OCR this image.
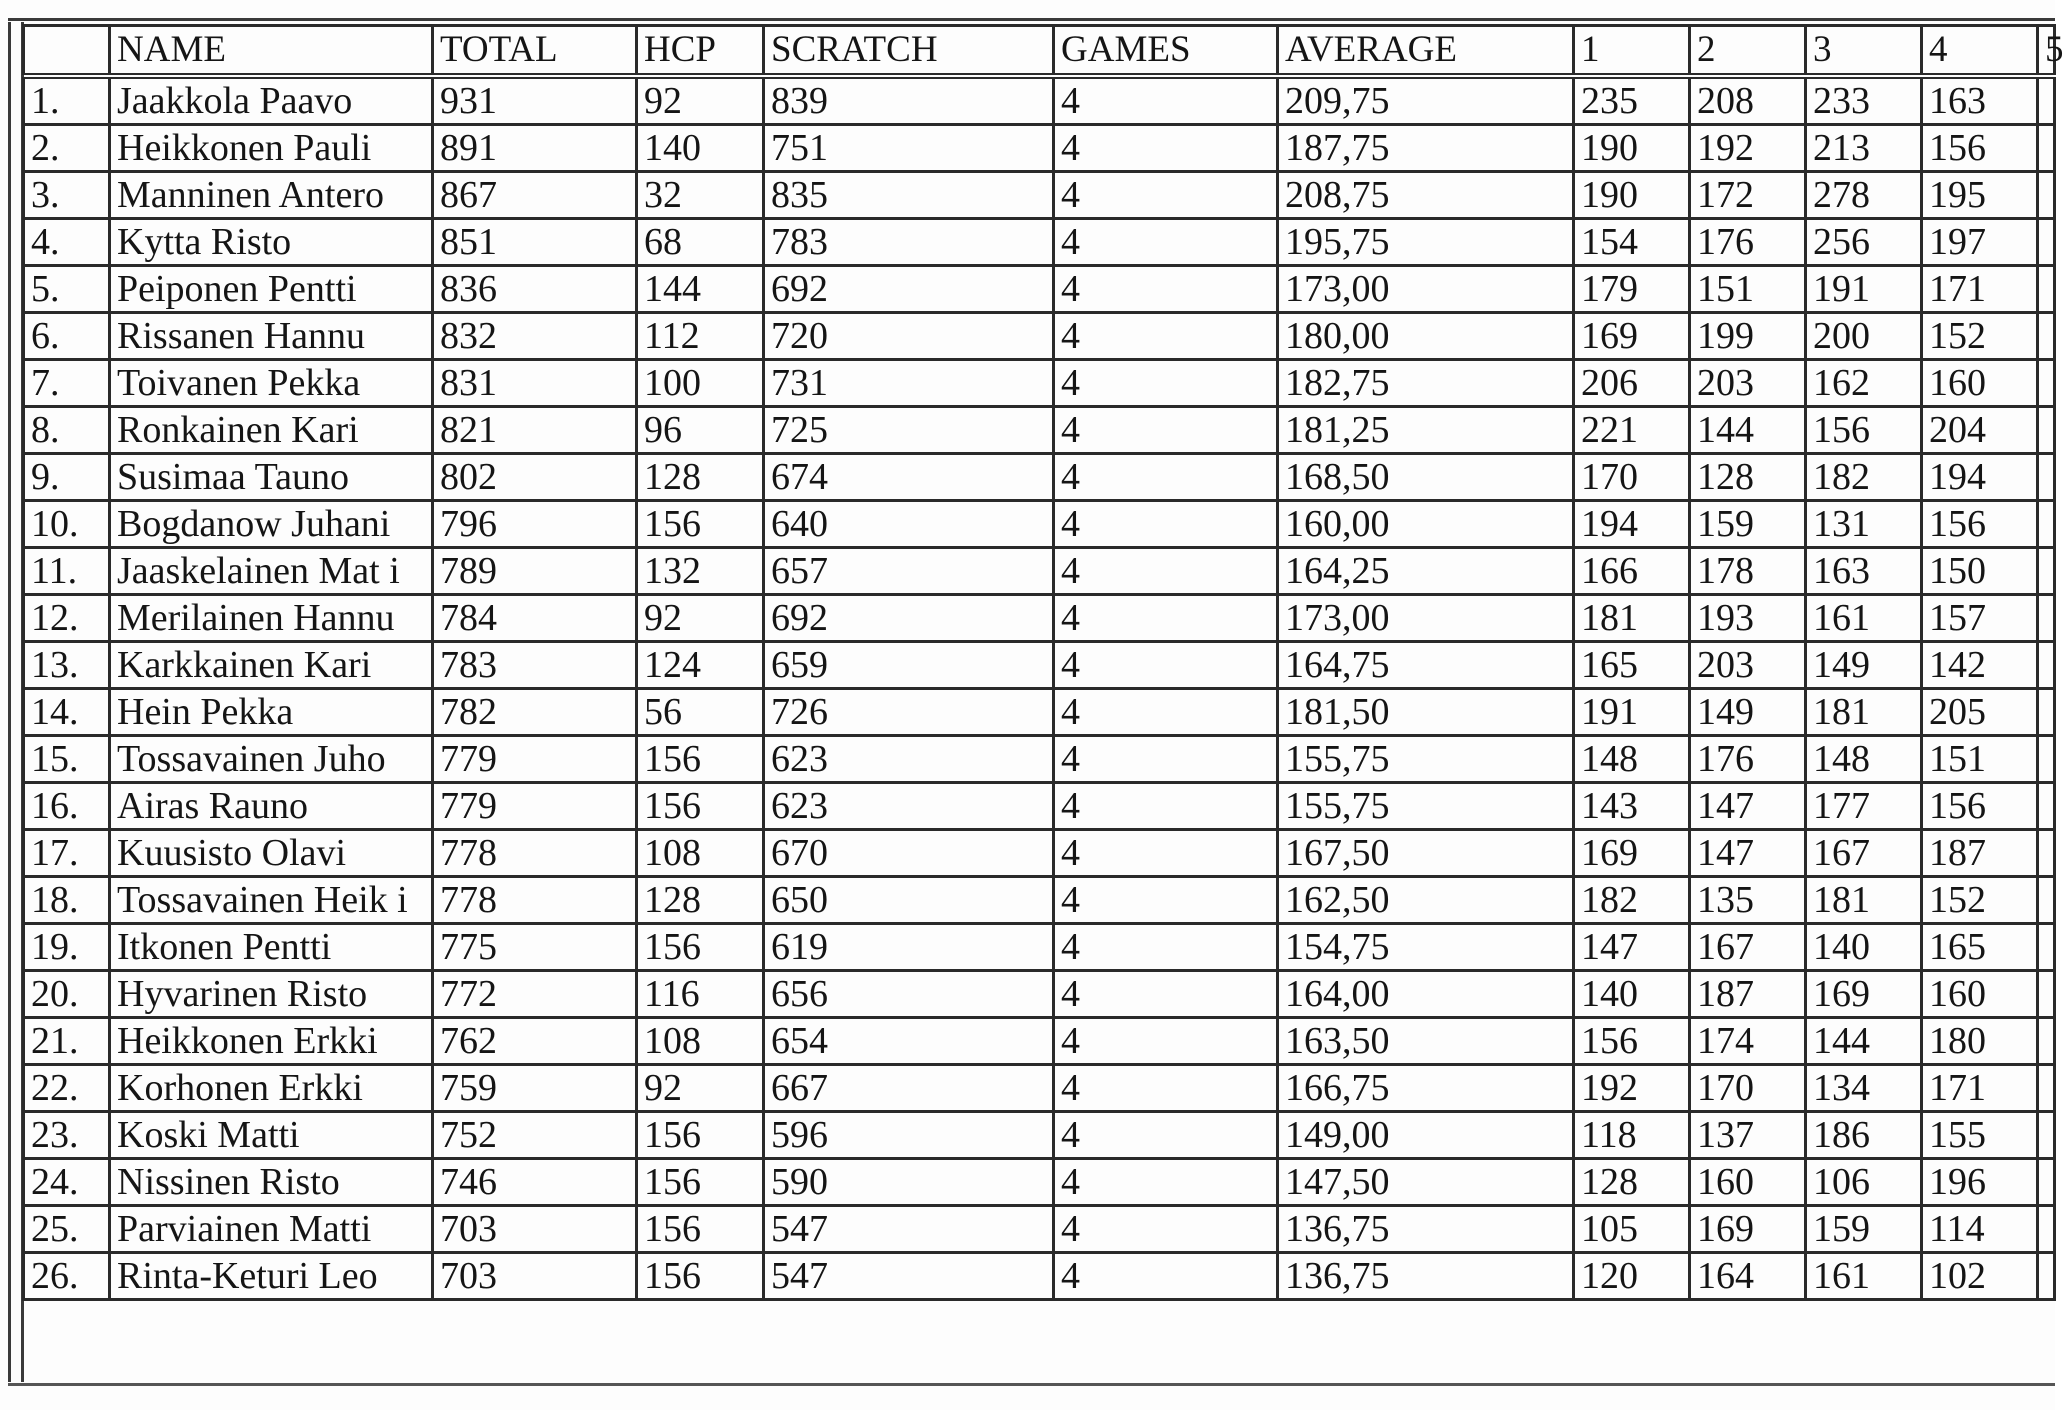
	NAME	TOTAL	HCP	SCRATCH	GAMES	AVERAGE	1	2	3	4	5
1.	Jaakkola Paavo	931	92	839	4	209,75	235	208	233	163	
2.	Heikkonen Pauli	891	140	751	4	187,75	190	192	213	156	
3.	Manninen Antero	867	32	835	4	208,75	190	172	278	195	
4.	Kytta Risto	851	68	783	4	195,75	154	176	256	197	
5.	Peiponen Pentti	836	144	692	4	173,00	179	151	191	171	
6.	Rissanen Hannu	832	112	720	4	180,00	169	199	200	152	
7.	Toivanen Pekka	831	100	731	4	182,75	206	203	162	160	
8.	Ronkainen Kari	821	96	725	4	181,25	221	144	156	204	
9.	Susimaa Tauno	802	128	674	4	168,50	170	128	182	194	
10.	Bogdanow Juhani	796	156	640	4	160,00	194	159	131	156	
11.	Jaaskelainen Mat i	789	132	657	4	164,25	166	178	163	150	
12.	Merilainen Hannu	784	92	692	4	173,00	181	193	161	157	
13.	Karkkainen Kari	783	124	659	4	164,75	165	203	149	142	
14.	Hein Pekka	782	56	726	4	181,50	191	149	181	205	
15.	Tossavainen Juho	779	156	623	4	155,75	148	176	148	151	
16.	Airas Rauno	779	156	623	4	155,75	143	147	177	156	
17.	Kuusisto Olavi	778	108	670	4	167,50	169	147	167	187	
18.	Tossavainen Heik i	778	128	650	4	162,50	182	135	181	152	
19.	Itkonen Pentti	775	156	619	4	154,75	147	167	140	165	
20.	Hyvarinen Risto	772	116	656	4	164,00	140	187	169	160	
21.	Heikkonen Erkki	762	108	654	4	163,50	156	174	144	180	
22.	Korhonen Erkki	759	92	667	4	166,75	192	170	134	171	
23.	Koski Matti	752	156	596	4	149,00	118	137	186	155	
24.	Nissinen Risto	746	156	590	4	147,50	128	160	106	196	
25.	Parviainen Matti	703	156	547	4	136,75	105	169	159	114	
26.	Rinta-Keturi Leo	703	156	547	4	136,75	120	164	161	102	
